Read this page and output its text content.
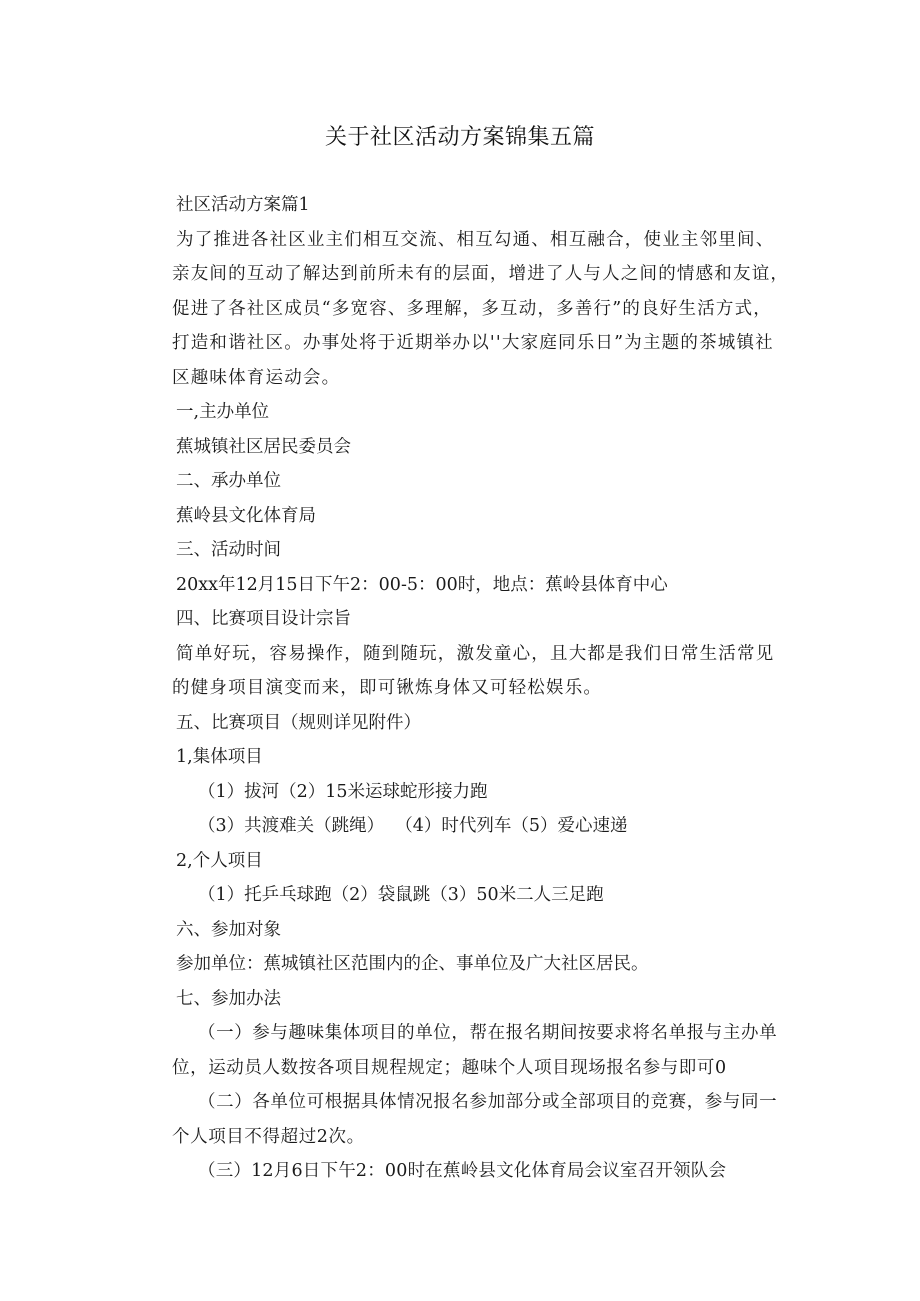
关于社区活动方案锦集五篇
社区活动方案篇1
为了推进各社区业主们相互交流、相互勾通、相互融合，使业主邻里间、亲友间的互动了解达到前所未有的层面，增进了人与人之间的情感和友谊，促进了各社区成员“多宽容、多理解，多互动，多善行”的良好生活方式，打造和谐社区。办事处将于近期举办以''大家庭同乐日”为主题的茶城镇社区趣味体育运动会。
一,主办单位
蕉城镇社区居民委员会
二、承办单位
蕉岭县文化体育局
三、活动时间
20xx年12月15日下午2：00-5：00时，地点：蕉岭县体育中心
四、比赛项目设计宗旨
简单好玩，容易操作，随到随玩，激发童心，且大都是我们日常生活常见的健身项目演变而来，即可锹炼身体又可轻松娱乐。
五、比赛项目（规则详见附件）
1,集体项目
（1）拔河（2）15米运球蛇形接力跑
（3）共渡难关（跳绳）  （4）时代列车（5）爱心速递
2,个人项目
（1）托乒乓球跑（2）袋鼠跳（3）50米二人三足跑
六、参加对象
参加单位：蕉城镇社区范围内的企、事单位及广大社区居民。
七、参加办法
（一）参与趣味集体项目的单位，帮在报名期间按要求将名单报与主办单位，运动员人数按各项目规程规定；趣味个人项目现场报名参与即可0
（二）各单位可根据具体情况报名参加部分或全部项目的竞赛，参与同一个人项目不得超过2次。
（三）12月6日下午2：00时在蕉岭县文化体育局会议室召开领队会
